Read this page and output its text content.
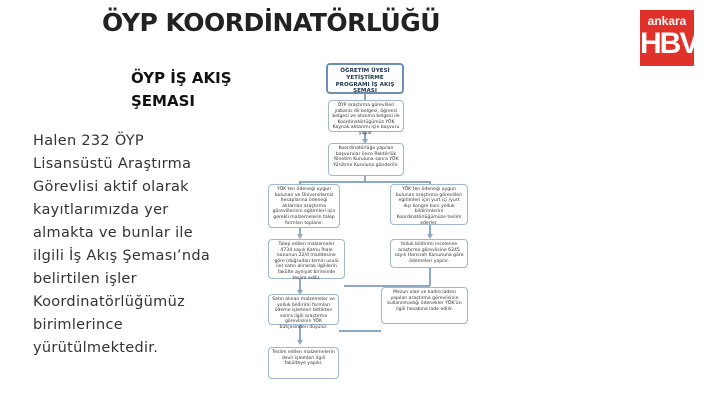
ÖYP KOORDİNATÖRLÜĞÜ	ankara
HBV
ÖYP İŞ AKIŞ
ŞEMASI
Halen 232 ÖYP
Lisansüstü Araştırma
Görevlisi aktif olarak
kayıtlarımızda yer
almakta ve bunlar ile
ilgili İş Akış Şeması’nda
belirtilen işler
Koordinatörlüğümüz
birimlerince
yürütülmektedir.
ÖĞRETİM ÜYESİ YETİŞTİRME PROGRAMI İŞ AKIŞ ŞEMASI
ÖYP araştırma görevlileri yabancı dil belgesi, öğrenci belgesi ve atanma belgesi ile Koordinatörlüğümüz YÖK Kaynak aktarımı için başvuru yapar.
Koordinatörlüğe yapılan başvurular önce Rektörlük Yönetim Kuruluna sonra YÖK Yürütme Kuruluna gönderilir.
YÖK’ten ödeneği uygun bulunan ve Üniversitemiz hesaplarına ödeneği aktarılan araştırma görevlilerinin eğitimleri için gerekli malzemelerin talep formları toplanır.
YÖK’ten ödeneği uygun bulunan araştırma görevlileri eğitimleri için yurt içi /yurt dışı kongre kurs yolluk bildirimlerini Koordinatörlüğümüze teslim ederler.
Talep edilen malzemeler 4734 sayılı Kamu İhale kanunun 22/d maddesine göre (doğrudan temin usulü ile) satın alınarak ilgililerin fakülte ayniyat biriminde teslim edilir.
Yolluk bildirimi incelenen araştırma görevlisine 6245 sayılı Harcırah Kanununa göre ödemeleri yapılır.
Satın alınan malzemeler ve yolluk bildirimi formları ödeme işlemleri bittikten sonra ilgili araştırma görevlisinin YÖK bütçesinden düşülür.
Mezun olan ve kadro iadesi yapılan araştırma görevlisinin kullanılmadığı ödenekler YÖK’ün ilgili hesabına iade edilir.
Teslim edilen malzemelerin devir işlemleri ilgili fakülteye yapılır.
